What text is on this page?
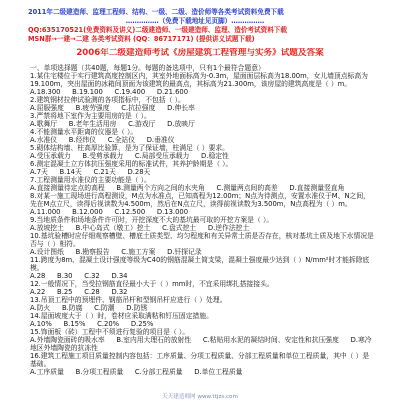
2011年二级建造师、监理工程师、结构、一级、二级、造价师等各类考试资料免费下载
……………（免费下载地址见页脚）……………
QQ:635170521(免费资料及讲义)二级建造师、一级建造师、监理、造价考试资料下载
MSN群→一建→二建 各类考试资料 (QQ：86717171) (提供讲义试题下载)
2006年二级建造师考试《房屋建筑工程管理与实务》试题及答案
一、单项选择题（共40题，每题1分。每题的备选项中，只有1个最符合题意）
1.某住宅楼位于实行建筑高度控制区内，其室外地面标高为-0.3m，屋面面层标高为18.00m，女儿墙顶点标高为19.100m，突出屋面的冰箱间顶面为该建筑的最高点，其标高为21.300m，该房屋的建筑高度是（ ）m。
A.18.300 B.19.100 C.19.400 D.21.600
2.建筑钢材拉伸试验测的各项指标中，不包括（ ）。
A.屈服强度 B.疲劳强度 C.抗拉强度 D.伸长率
3.严禁将地下室作为主要用房的是（ ）。
A.歌舞厅 B.老年生活用房 C.游戏厅 D.放映厅
4.不能测量水平距离的仪器是（ ）。
A.水准仪 B.经纬仪 C.全站仪 D.垂准仪
5.砌体结构墙、柱高厚比验算，是为了保证墙，柱满足（ ）要求。
A.受压承载力 B.受剪承载力 C.局部受压承载力 D.稳定性
6.测定混凝土立方体抗压强度采用的标准试件，其养护龄期是（ ）。
A.7天 B.14天 C.21天 D.28天
7.工程测量用水准仪的主要功能是（ ）。
A.直接测量待定点的高程 B.测量两个方向之间的水夹角 C.测量两点间的高差 D.直接测量竖直角
8.对某一施工现场进行高程测设，M点为水准点，已知高程为12.00m；N点为待测点，安置水准仪于M、N之间，先在M点立尺，读得后视读数为4.500m，然后在N点立尺，读得前视读数为3.500m，N点高程为（ ）m。
A.11.000 B.12.000 C.12.500 D.13.000
9.当地质条件和场地条件许可时，开挖深度不大的基坑最可取的开挖方案是（ ）。
A.放坡挖土 B.中心岛式（墩工）挖土 C.盘式挖土 D.逆作法挖土
10.基坑验槽时应仔细观察槽壁、槽底土质类型、均匀程度和有关异常土质是否存在，核对基坑土质及地下水情况是否与（ ）相符。
A.设计图纸 B.勘察报告 C.施工方案 D.钎探记录
11.跨度为8m、混凝土设计强度等级为C40的钢筋混凝土简支梁，混凝土强度最少达到（ ）N/mm²时才能拆除底模。
A.28 B.30 C.32 D.34
12.一般情况下，当受拉钢筋直径最小大于（ ）mm时，不宜采用绑扎搭接接头。
A.22 B.25 C.28 D.32
13.吊顶工程中的预埋件、钢筋吊杆和型钢吊杆应进行（ ）处理。
A.防火 B.防腐 C.防潮 D.防锈
14.屋面坡度大于（ ）时，卷材应采取满粘和钉压固定措施。
A.10% B.15% C.20% D.25%
15.饰面板（砖）工程中不须进行复验的项目是（ ）。
A.外墙陶瓷面砖的吸水率 B.室内用大理石的放射性 C.粘贴用水泥的凝结时间、安定性和抗压强度 D.寒冷地区外墙陶瓷的抗冻性
16.建筑工程施工项目质量控制内容包括：工序质量、分项工程质量、分部工程质量和单位工程质量，其中（ ）是基础。
A.工序质量 B.分项工程质量 C.分部工程质量 D.单位工程质量
天天建造师网 www.ttjzs.com
